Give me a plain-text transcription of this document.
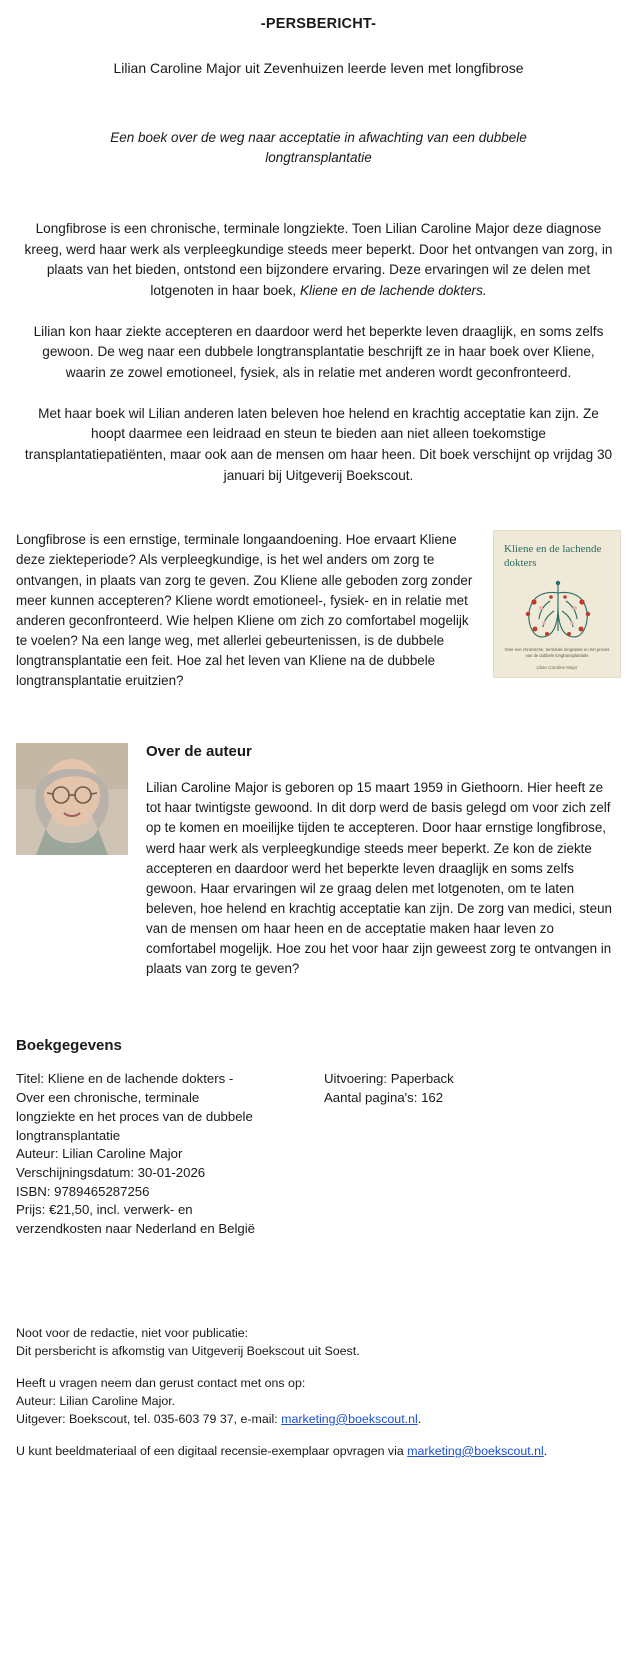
-PERSBERICHT-
Lilian Caroline Major uit Zevenhuizen leerde leven met longfibrose
Een boek over de weg naar acceptatie in afwachting van een dubbele longtransplantatie

Longfibrose is een chronische, terminale longziekte. Toen Lilian Caroline Major deze diagnose kreeg, werd haar werk als verpleegkundige steeds meer beperkt. Door het ontvangen van zorg, in plaats van het bieden, ontstond een bijzondere ervaring. Deze ervaringen wil ze delen met lotgenoten in haar boek, Kliene en de lachende dokters.

Lilian kon haar ziekte accepteren en daardoor werd het beperkte leven draaglijk, en soms zelfs gewoon. De weg naar een dubbele longtransplantatie beschrijft ze in haar boek over Kliene, waarin ze zowel emotioneel, fysiek, als in relatie met anderen wordt geconfronteerd.

Met haar boek wil Lilian anderen laten beleven hoe helend en krachtig acceptatie kan zijn. Ze hoopt daarmee een leidraad en steun te bieden aan niet alleen toekomstige transplantatiepatiënten, maar ook aan de mensen om haar heen. Dit boek verschijnt op vrijdag 30 januari bij Uitgeverij Boekscout.

Longfibrose is een ernstige, terminale longaandoening. Hoe ervaart Kliene deze ziekteperiode? Als verpleegkundige, is het wel anders om zorg te ontvangen, in plaats van zorg te geven. Zou Kliene alle geboden zorg zonder meer kunnen accepteren? Kliene wordt emotioneel-, fysiek- en in relatie met anderen geconfronteerd. Wie helpen Kliene om zich zo comfortabel mogelijk te voelen? Na een lange weg, met allerlei gebeurtenissen, is de dubbele longtransplantatie een feit. Hoe zal het leven van Kliene na de dubbele longtransplantatie eruitzien?
Kliene en de lachende dokters
Over een chronische, terminale longziekte en het proces van de dubbele longtransplantatie
Lilian Caroline Major
Over de auteur
Lilian Caroline Major is geboren op 15 maart 1959 in Giethoorn. Hier heeft ze tot haar twintigste gewoond. In dit dorp werd de basis gelegd om voor zich zelf op te komen en moeilijke tijden te accepteren. Door haar ernstige longfibrose, werd haar werk als verpleegkundige steeds meer beperkt. Ze kon de ziekte accepteren en daardoor werd het beperkte leven draaglijk en soms zelfs gewoon. Haar ervaringen wil ze graag delen met lotgenoten, om te laten beleven, hoe helend en krachtig acceptatie kan zijn. De zorg van medici, steun van de mensen om haar heen en de acceptatie maken haar leven zo comfortabel mogelijk. Hoe zou het voor haar zijn geweest zorg te ontvangen in plaats van zorg te geven?
Boekgegevens
Titel: Kliene en de lachende dokters -
Over een chronische, terminale
longziekte en het proces van de dubbele
longtransplantatie
Auteur: Lilian Caroline Major
Verschijningsdatum: 30-01-2026
ISBN: 9789465287256
Prijs: €21,50, incl. verwerk- en
verzendkosten naar Nederland en België
Uitvoering: Paperback
Aantal pagina's: 162
Noot voor de redactie, niet voor publicatie:
Dit persbericht is afkomstig van Uitgeverij Boekscout uit Soest.
Heeft u vragen neem dan gerust contact met ons op:
Auteur: Lilian Caroline Major.
Uitgever: Boekscout, tel. 035-603 79 37, e-mail: marketing@boekscout.nl.
U kunt beeldmateriaal of een digitaal recensie-exemplaar opvragen via marketing@boekscout.nl.
